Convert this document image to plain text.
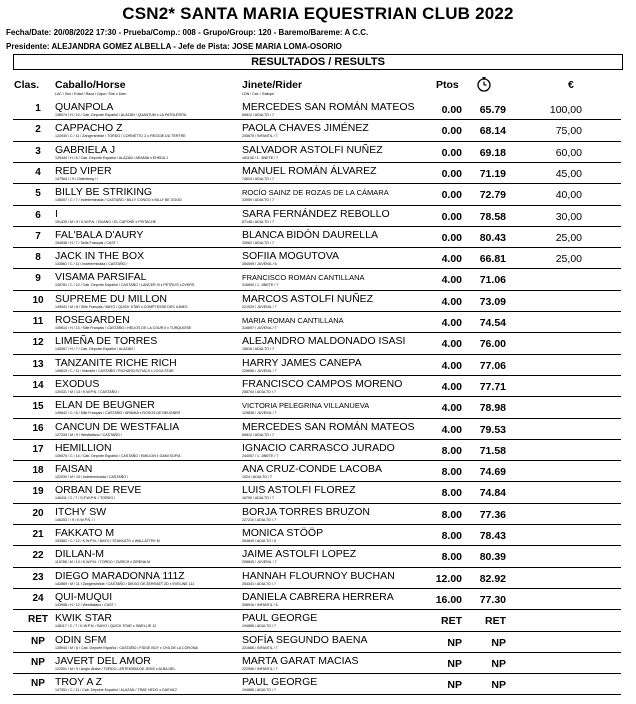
CSN2* SANTA MARIA EQUESTRIAN CLUB 2022
Fecha/Date: 20/08/2022 17:30 - Prueba/Comp.: 008 - Grupo/Group: 120 - Baremo/Bareme: A C.C.
Presidente: ALEJANDRA GOMEZ ALBELLA - Jefe de Pista: JOSE MARIA LOMA-OSORIO
RESULTADOS / RESULTS
Clas. Caballo/Horse
LAC / Sex / Edad / Raza / Capa / Sire x Dam
Jinete/Rider
LDN / Cat. / Gallope
Ptos	€
1	QUANPOLA
138074 / H / 10 / Cab. Deporte Español / ALAZÁN / QUANTUM x LA PATOLERITA
MERCEDES SAN ROMÁN MATEOS
69812 / ADULTO / 7	0.00	65.79	100,00
2	CAPPACHO Z
124935 / C / 11 / Zangersheide / TORDO / CORNETTO Z x REGGIE DU TERTRE
PAOLA CHAVES JIMÉNEZ
205675 / INFANTIL / 7	0.00	68.14	75,00
3	GABRIELA J
139444 / H / 8 / Cab. Deporte Español / ALAZÁN / ARAMIA x EHEDA J
SALVADOR ASTOLFI NUÑEZ
181106 / 1. JINETE / 7	0.00	69.18	60,00
4	RED VIPER
147964 / / 9 / Oldenburg / /
MANUEL ROMÁN ÁLVAREZ
74624 / ADULTO / 7	0.00	71.19	45,00
5	BILLY BE STRIKING
148007 / C / 7 / Indeterminada / CASTAÑO / BILLY CONGO x BILLY BE GOOD
ROCÍO SAINZ DE ROZAS DE LA CÁMARA
33959 / ADULTO / 7	0.00	72.79	40,00
6	I
151439 / M / 9 / K.W.P.N. / RUANO / EL CAPONE x PISTACHE
SARA FERNÁNDEZ REBOLLO
87148 / ADULTO / 7	0.00	78.58	30,00
7	FAL'BALA D'AURY
154838 / H / 7 / Selle Français / CAST /
BLANCA BIDÓN DAURELLA
33962 / ADULTO / 7	0.00	80.43	25,00
8	JACK IN THE BOX
143861 / C / 11 / Indeterminada / CASTAÑO /
SOFIIA MOGUTOVA
284595 / JUVENIL / 6	4.00	66.81	25,00
9	VISAMA PARSIFAL
149781 / C / 10 / Cab. Deporte Español / CASTAÑO / LANCER III x PETRU'S LOVERS
FRANCISCO ROMAN CANTILLANA
316690 / 1. JINETE / 7	4.00	71.06
10	SUPREME DU MILLON
149541 / M / 8 / Sille Français / BAYO / QUICK STAR x COMPTESSE DES ILIMES
MARCOS ASTOLFI NUÑEZ
221929 / JUVENIL / 7	4.00	73.09
11	ROSEGARDEN
149810 / H / 13 / Sille Français / CASTAÑO / HELIOS DE LA COUR II x TURQUOISE
MARIA ROMAN CANTILLANA
316697 / JUVENIL / 7	4.00	74.54
12	LIMEÑA DE TORRES
145267 / H / 7 / Cab. Deporte Español / ALAZÁN /
ALEJANDRO MALDONADO ISASI
15616 / ADULTO / 7	4.00	76.00
13	TANZANITE RICHE RICH
149819 / C / 11 / Irlandés / CASTAÑO / RICHARD ROYALS x LOCA STAR
HARRY JAMES CANEPA
225656 / JUVENIL / 7	4.00	77.06
14	EXODUS
120431 / M / 13 / K.W.P.N. / CASTAÑO /
FRANCISCO CAMPOS MORENO
258744 / ADULTO / 7	4.00	77.71
15	ELAN DE BEUGNER
149642 / C / 6 / Sille Français / CASTAÑO / ARAMIA x ROSOS DE BEUGNER
VICTORIA PELEGRINA VILLANUEVA
129838 / JUVENIL / 7	4.00	78.98
16	CANCUN DE WESTFALIA
127334 / M / 9 / Westfaliano / CASTAÑO /
MERCEDES SAN ROMÁN MATEOS
69812 / ADULTO / 7	4.00	79.53
17	HEMILLION
149570 / C / 14 / Cab. Deporte Español / CASTAÑO / EMILION x GAMI SOFIA
IGNACIO CARRASCO JURADO
244057 / 1. JINETE / 7	8.00	71.58
18	FAISAN
122930 / M / 10 / Indeterminada / CASTAÑO /
ANA CRUZ-CONDE LACOBA
1924 / ADULTO / 7	8.00	74.69
19	ORBAN DE REVE
146411 / C / 7 / S.F.W.P.N. / TORDO /
LUIS ASTOLFI FLOREZ
16799 / ADULTO / 7	8.00	74.84
20	ITCHY SW
146253 / / 9 / K.W.P.N. / /
BORJA TORRES BRUZON
227210 / ADULTO / 7	8.00	77.36
21	FAKKATO M
153582 / C / 12 / K.W.P.N. / BAYO / STAKKATO x WALLATTEE M
MONICA STÖÖP
264849 / ADULTO / 5	8.00	78.43
22	DILLAN-M
115788 / M / 14 / K.W.P.N. / TORDO / ZURICH x ZIRENA M
JAIME ASTOLFI LOPEZ
208845 / JUVENIL / 7	8.00	80.39
23	DIEGO MARADONNA 111Z
142869 / M / 11 / Zangersheide / CASTAÑO / DIEGO DE ZERRAET 2D x EVELINE 111
HANNAH FLOURNOY BUCHAN
254341 / ADULTO / 7	12.00	82.92
24	QUI-MUQUI
143958 / H / 12 / Westfaliano / CAST /
DANIELA CABRERA HERRERA
308916 / INFANTIL / 6	16.00	77.30
RET KWIK STAR
148117 / C / 7 / K.W.P.N. / BAYO / QUICK STAR x SWELLIE 12
PAUL GEORGE
194886 / ADULTO / 7	RET	RET
NP ODIN SFM
128944 / M / 8 / Cab. Deporte Español / CASTAÑO / FIDGE BOY x OYA DE LA CORONA
SOFÍA SEGUNDO BAENA
221666 / INFANTIL / 7	NP	NP
NP JAVERT DEL AMOR
122551 / M / 9 / Anglo Árabe / TORDO / ARTEMISIA DE JEMS x ALBA DEL
MARTA GARAT MACIAS
222596 / INFANTIL / 7	NP	NP
NP TROY A Z
147051 / C / 11 / Cab. Deporte Español / ALAZÁN / TRAE HEDO x DUEVA'2
PAUL GEORGE
194886 / ADULTO / 7	NP	NP
